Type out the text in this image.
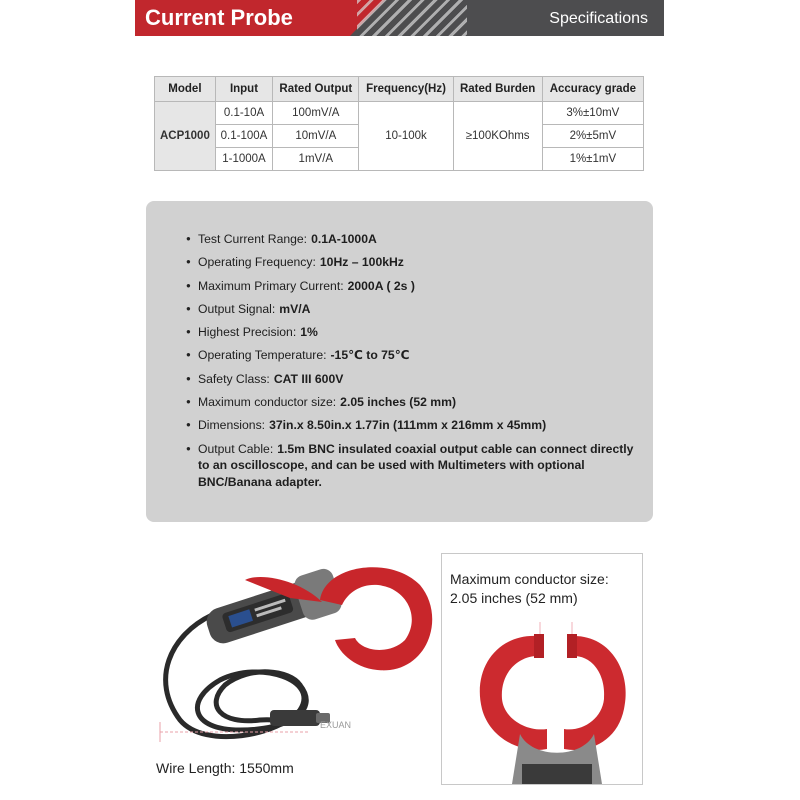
Current Probe	Specifications
Model	Input	Rated Output	Frequency(Hz)	Rated Burden	Accuracy grade
ACP1000	0.1-10A	100mV/A	10-100k	≥100KOhms	3%±10mV
	0.1-100A	10mV/A			2%±5mV
	1-1000A	1mV/A			1%±1mV
● Test Current Range: 0.1A-1000A
● Operating Frequency: 10Hz – 100kHz
● Maximum Primary Current: 2000A ( 2s )
● Output Signal: mV/A
● Highest Precision: 1%
● Operating Temperature: -15℃ to 75℃
● Safety Class: CAT III 600V
● Maximum conductor size: 2.05 inches (52 mm)
● Dimensions: 37in.x 8.50in.x 1.77in (111mm x 216mm x 45mm)
● Output Cable: 1.5m BNC insulated coaxial output cable can connect directly to an oscilloscope, and can be used with Multimeters with optional BNC/Banana adapter.
EXUAN
Wire Length: 1550mm
Maximum conductor size:
2.05 inches (52 mm)
